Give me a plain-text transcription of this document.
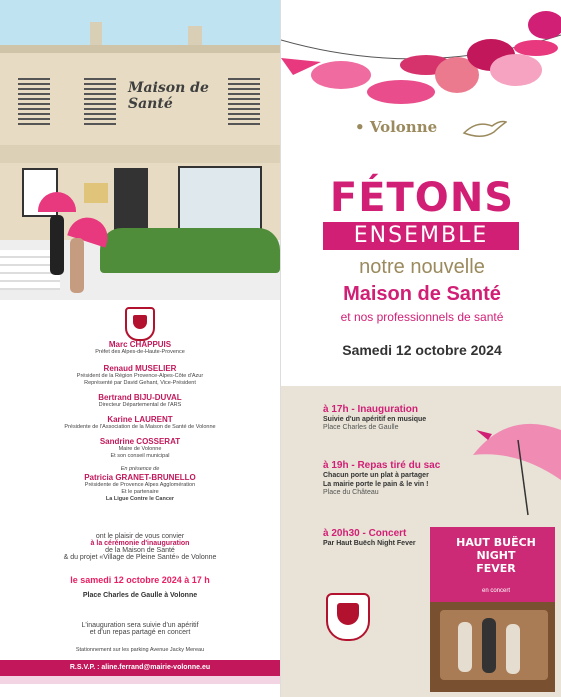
Maison de Santé
Marc CHAPPUIS
Préfet des Alpes-de-Haute-Provence
Renaud MUSELIER
Président de la Région Provence-Alpes-Côte d'Azur
Représenté par David Gehant, Vice-Président
Bertrand BIJU-DUVAL
Directeur Départemental de l'ARS
Karine LAURENT
Présidente de l'Association de la Maison de Santé de Volonne
Sandrine COSSERAT
Maire de Volonne
Et son conseil municipal
En présence de
Patricia GRANET-BRUNELLO
Présidente de Provence Alpes Agglomération
Et le partenaire
La Ligue Contre le Cancer
ont le plaisir de vous convier
à la cérémonie d'inauguration
de la Maison de Santé
& du projet «Village de Pleine Santé» de Volonne
le samedi 12 octobre 2024 à 17 h
Place Charles de Gaulle à Volonne
L'inauguration sera suivie d'un apéritif
et d'un repas partagé en concert
Stationnement sur les parking Avenue Jacky Mereau
R.S.V.P. : aline.ferrand@mairie-volonne.eu
• Volonne
FÉTONS
ENSEMBLE
notre nouvelle
Maison de Santé
et nos professionnels de santé
Samedi 12 octobre 2024
à 17h - Inauguration
Suivie d'un apéritif en musique
Place Charles de Gaulle
à 19h - Repas tiré du sac
Chacun porte un plat à partager
La mairie porte le pain & le vin !
Place du Château
à 20h30 - Concert
Par Haut Buëch Night Fever	HAUT BUËCH NIGHT FEVER
en concert
